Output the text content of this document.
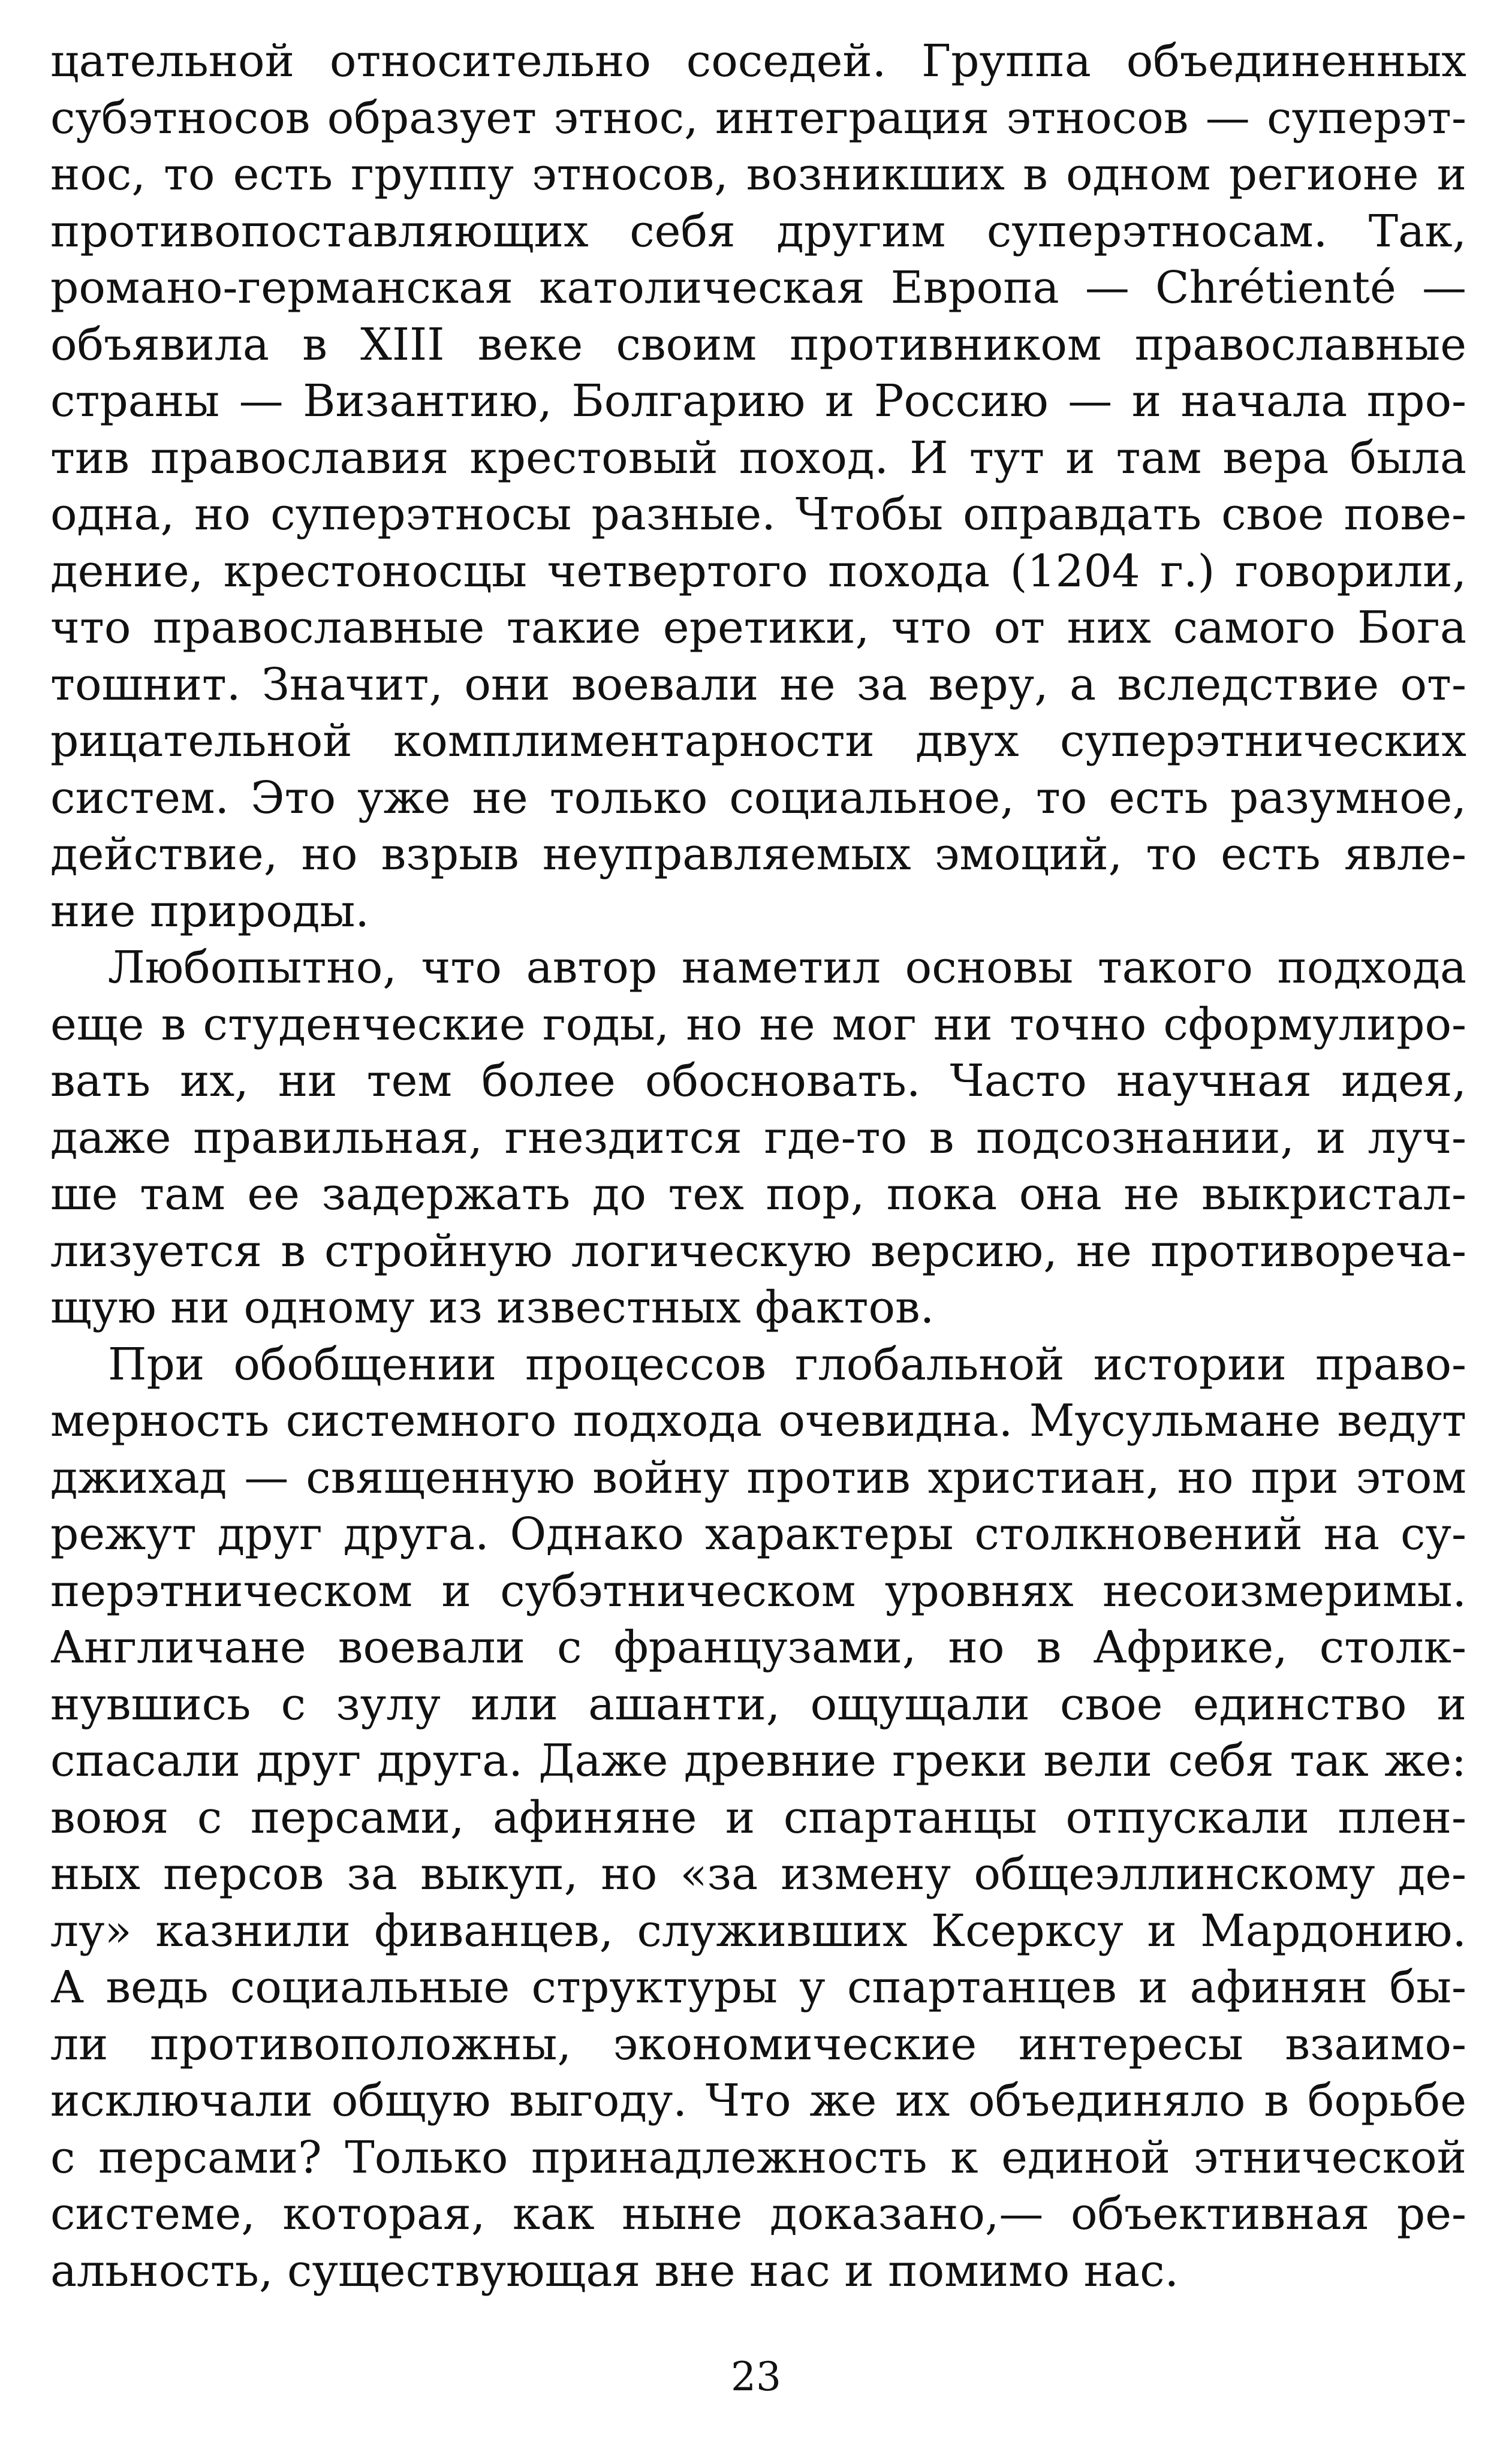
цательной относительно соседей. Группа объединенных
субэтносов образует этнос, интеграция этносов — суперэт-
нос, то есть группу этносов, возникших в одном регионе и
противопоставляющих себя другим суперэтносам. Так,
романо-германская католическая Европа — Chrétienté —
объявила в XIII веке своим противником православные
страны — Византию, Болгарию и Россию — и начала про-
тив православия крестовый поход. И тут и там вера была
одна, но суперэтносы разные. Чтобы оправдать свое пове-
дение, крестоносцы четвертого похода (1204 г.) говорили,
что православные такие еретики, что от них самого Бога
тошнит. Значит, они воевали не за веру, а вследствие от-
рицательной комплиментарности двух суперэтнических
систем. Это уже не только социальное, то есть разумное,
действие, но взрыв неуправляемых эмоций, то есть явле-
ние природы.
Любопытно, что автор наметил основы такого подхода
еще в студенческие годы, но не мог ни точно сформулиро-
вать их, ни тем более обосновать. Часто научная идея,
даже правильная, гнездится где-то в подсознании, и луч-
ше там ее задержать до тех пор, пока она не выкристал-
лизуется в стройную логическую версию, не противореча-
щую ни одному из известных фактов.
При обобщении процессов глобальной истории право-
мерность системного подхода очевидна. Мусульмане ведут
джихад — священную войну против христиан, но при этом
режут друг друга. Однако характеры столкновений на су-
перэтническом и субэтническом уровнях несоизмеримы.
Англичане воевали с французами, но в Африке, столк-
нувшись с зулу или ашанти, ощущали свое единство и
спасали друг друга. Даже древние греки вели себя так же:
воюя с персами, афиняне и спартанцы отпускали плен-
ных персов за выкуп, но «за измену общеэллинскому де-
лу» казнили фиванцев, служивших Ксерксу и Мардонию.
А ведь социальные структуры у спартанцев и афинян бы-
ли противоположны, экономические интересы взаимо-
исключали общую выгоду. Что же их объединяло в борьбе
с персами? Только принадлежность к единой этнической
системе, которая, как ныне доказано,— объективная ре-
альность, существующая вне нас и помимо нас.
23
